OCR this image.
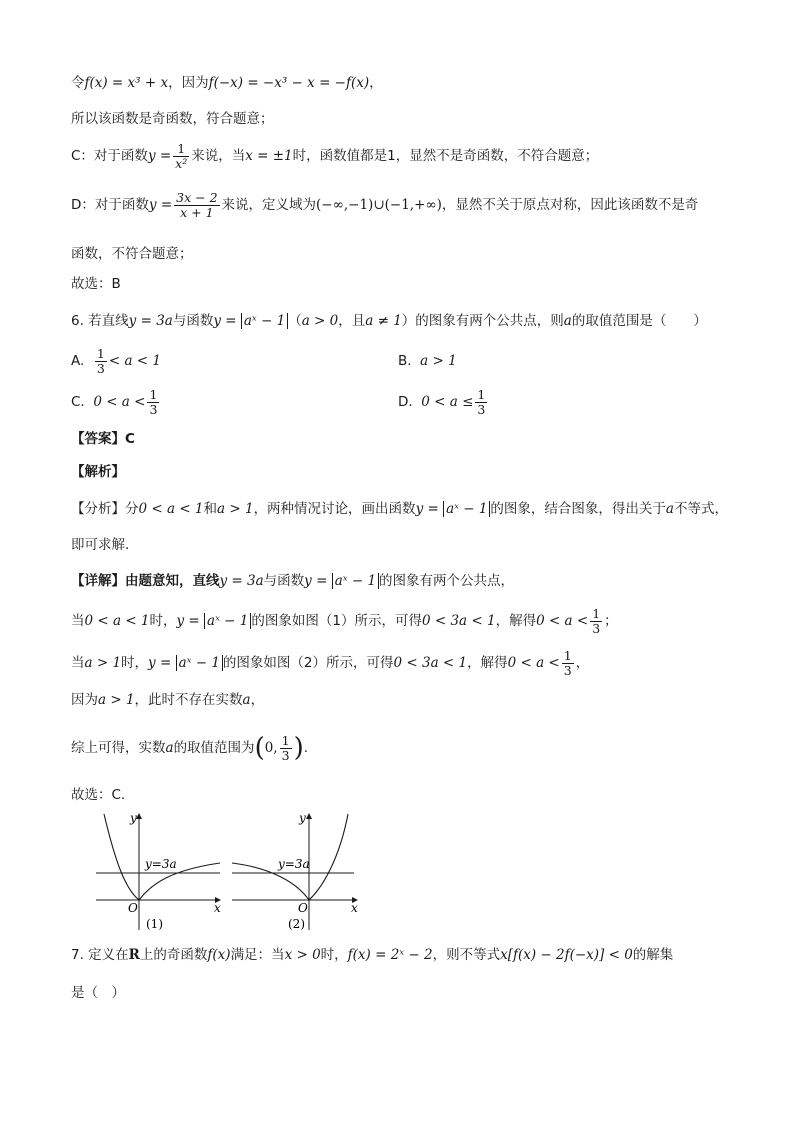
令f(x) = x³ + x，因为f(−x) = −x³ − x = −f(x)，
所以该函数是奇函数，符合题意；
C：对于函数$y = \frac{1}{\text{x²}}$ 来说，当x = ±1时，函数值都是1，显然不是奇函数，不符合题意；
D：对于函数$y = \frac{3x - 2}{x + 1}$ 来说，定义域为(−∞,−1)∪(−1,+∞)，显然不关于原点对称，因此该函数不是奇
函数，不符合题意；
故选：B
6. 若直线y = 3a与函数y = aˣ − 1 （a > 0，且a ≠ 1）的图象有两个公共点，则a的取值范围是（　　）
A. $\frac{1}{3} < a < 1$	B. a > 1
C. $0 < a < \frac{1}{3}$	D. $0 < a \le \frac{1}{3}$
【答案】C
【解析】
【分析】分0 < a < 1和a > 1，两种情况讨论，画出函数y = aˣ − 1 的图象，结合图象，得出关于a不等式，
即可求解.
【详解】由题意知，直线y = 3a与函数y = aˣ − 1 的图象有两个公共点，
当0 < a < 1时，y = aˣ − 1 的图象如图（1）所示，可得0 < 3a < 1，解得$0 < a < \frac{1}{3}$ ；
当a > 1时，y = aˣ − 1 的图象如图（2）所示，可得0 < 3a < 1，解得$0 < a < \frac{1}{3}$ ，
因为a > 1，此时不存在实数a，
综上可得，实数a的取值范围为(0, $\frac{1}{3}$ ).
故选：C.
y
x
O
y=3a
(1)
y
x
O
y=3a
(2)
7. 定义在R上的奇函数f(x)满足：当x > 0时，f(x) = 2ˣ − 2，则不等式x[f(x) − 2f(−x)] < 0的解集
是（　）
